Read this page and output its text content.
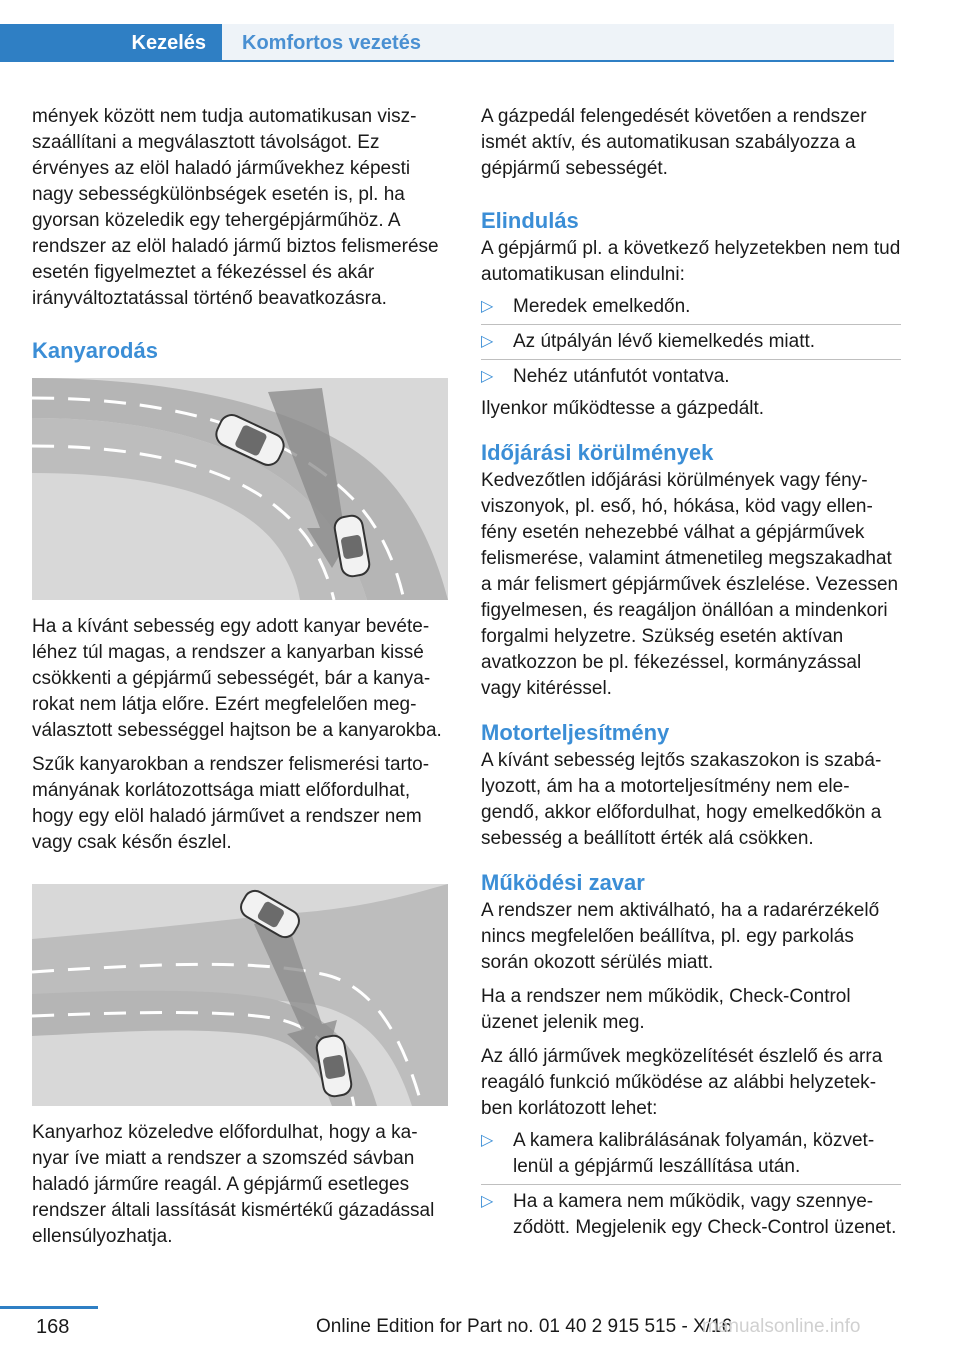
Kezelés	Komfortos vezetés

mények között nem tudja automatikusan viszszaállítani a megválasztott távolságot. Ez érvényes az elöl haladó járművekhez képesti nagy sebességkülönbségek esetén is, pl. ha gyorsan közeledik egy tehergépjárműhöz. A rendszer az elöl haladó jármű biztos felismerése esetén figyelmeztet a fékezéssel és akár irányváltoztatással történő beavatkozásra.

Kanyarodás

Ha a kívánt sebesség egy adott kanyar bevételéhez túl magas, a rendszer a kanyarban kissé csökkenti a gépjármű sebességét, bár a kanyarokat nem látja előre. Ezért megfelelően megválasztott sebességgel hajtson be a kanyarokba.

Szűk kanyarokban a rendszer felismerési tartományának korlátozottsága miatt előfordulhat, hogy egy elöl haladó járművet a rendszer nem vagy csak későn észlel.

Kanyarhoz közeledve előfordulhat, hogy a kanyar íve miatt a rendszer a szomszéd sávban haladó járműre reagál. A gépjármű esetleges rendszer általi lassítását kismértékű gázadással ellensúlyozhatja.

A gázpedál felengedését követően a rendszer ismét aktív, és automatikusan szabályozza a gépjármű sebességét.

Elindulás

A gépjármű pl. a következő helyzetekben nem tud automatikusan elindulni:

▷ Meredek emelkedőn.
▷ Az útpályán lévő kiemelkedés miatt.
▷ Nehéz utánfutót vontatva.

Ilyenkor működtesse a gázpedált.

Időjárási körülmények

Kedvezőtlen időjárási körülmények vagy fényviszonyok, pl. eső, hó, hókása, köd vagy ellenfény esetén nehezebbé válhat a gépjárművek felismerése, valamint átmenetileg megszakadhat a már felismert gépjárművek észlelése. Vezessen figyelmesen, és reagáljon önállóan a mindenkori forgalmi helyzetre. Szükség esetén aktívan avatkozzon be pl. fékezéssel, kormányzással vagy kitéréssel.

Motorteljesítmény

A kívánt sebesség lejtős szakaszokon is szabályozott, ám ha a motorteljesítmény nem elegendő, akkor előfordulhat, hogy emelkedőkön a sebesség a beállított érték alá csökken.

Működési zavar

A rendszer nem aktiválható, ha a radarérzékelő nincs megfelelően beállítva, pl. egy parkolás során okozott sérülés miatt.

Ha a rendszer nem működik, Check-Control üzenet jelenik meg.

Az álló járművek megközelítését észlelő és arra reagáló funkció működése az alábbi helyzetekben korlátozott lehet:

▷ A kamera kalibrálásának folyamán, közvetlenül a gépjármű leszállítása után.
▷ Ha a kamera nem működik, vagy szennyeződött. Megjelenik egy Check-Control üzenet.
168	Online Edition for Part no. 01 40 2 915 515 - X/16
manualsonline.info
